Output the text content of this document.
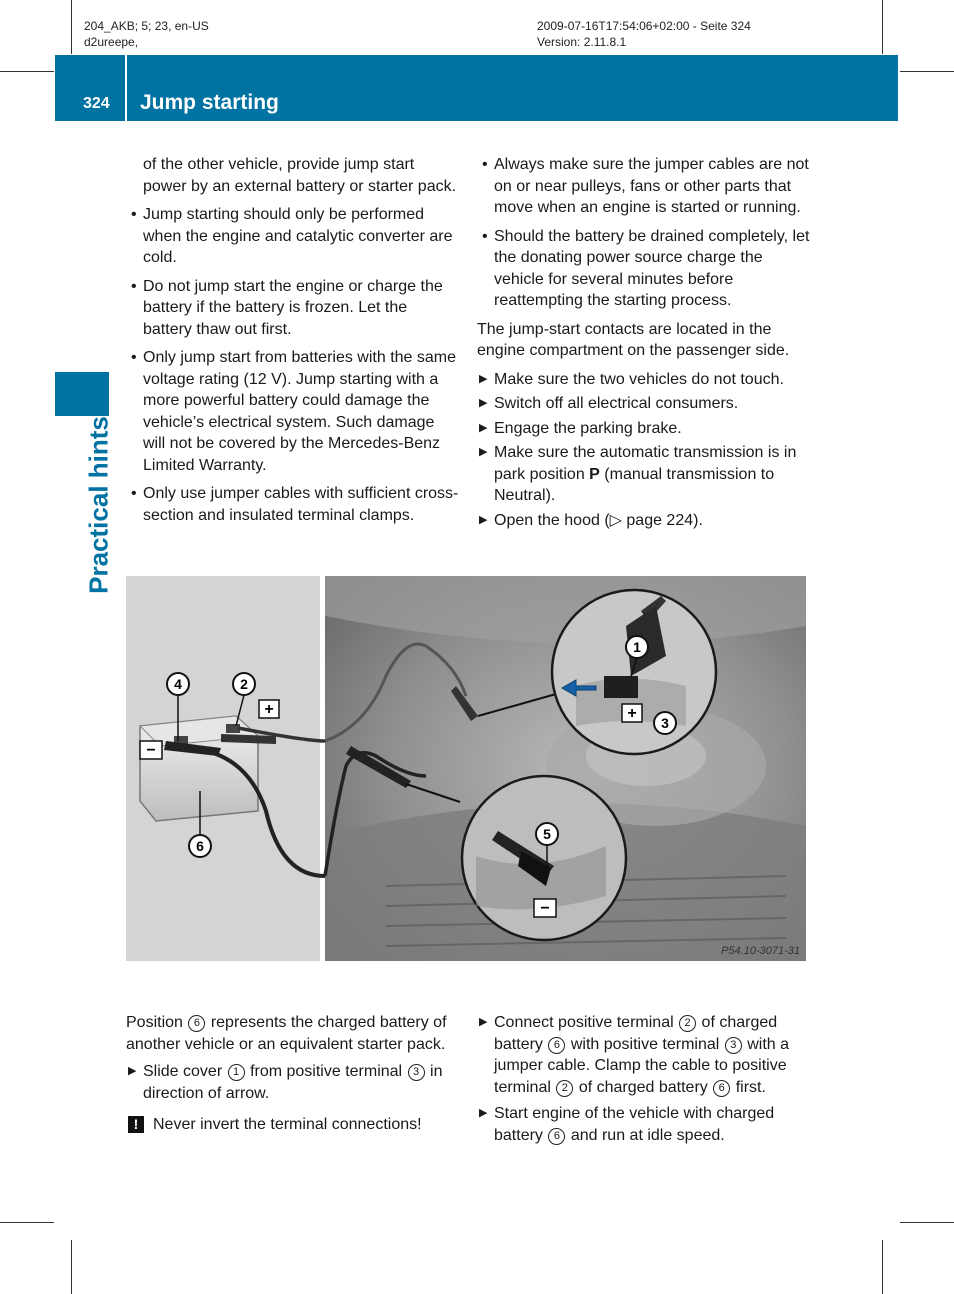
204_AKB; 5; 23, en-US
d2ureepe,
2009-07-16T17:54:06+02:00 - Seite 324
Version: 2.11.8.1
324 Jump starting
Practical hints

of the other vehicle, provide jump start power by an external battery or starter pack.

• Jump starting should only be performed when the engine and catalytic converter are cold.
• Do not jump start the engine or charge the battery if the battery is frozen. Let the battery thaw out first.
• Only jump start from batteries with the same voltage rating (12 V). Jump starting with a more powerful battery could damage the vehicle’s electrical system. Such damage will not be covered by the Mercedes-Benz Limited Warranty.
• Only use jumper cables with sufficient cross-section and insulated terminal clamps.
• Always make sure the jumper cables are not on or near pulleys, fans or other parts that move when an engine is started or running.
• Should the battery be drained completely, let the donating power source charge the vehicle for several minutes before reattempting the starting process.

The jump-start contacts are located in the engine compartment on the passenger side.

▶ Make sure the two vehicles do not touch.
▶ Switch off all electrical consumers.
▶ Engage the parking brake.
▶ Make sure the automatic transmission is in park position P (manual transmission to Neutral).
▶ Open the hood (▷ page 224).
4	2
+
−
6
1
+
3
5
−
P54.10-3071-31

Position 6 represents the charged battery of another vehicle or an equivalent starter pack.

▶ Slide cover 1 from positive terminal 3 in direction of arrow.
! Never invert the terminal connections!
▶ Connect positive terminal 2 of charged battery 6 with positive terminal 3 with a jumper cable. Clamp the cable to positive terminal 2 of charged battery 6 first.
▶ Start engine of the vehicle with charged battery 6 and run at idle speed.
